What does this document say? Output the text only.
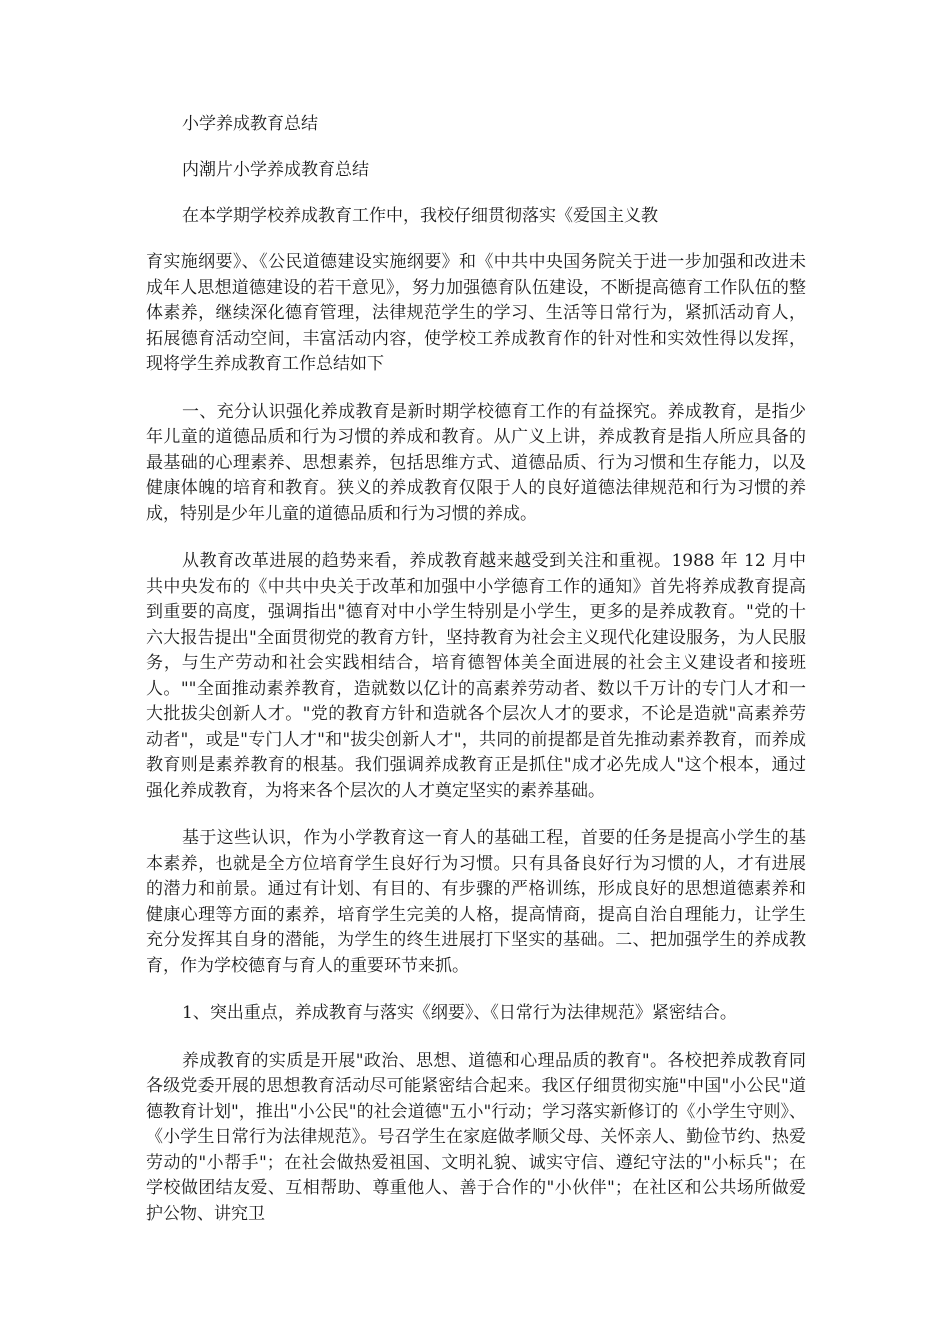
小学养成教育总结

内潮片小学养成教育总结

在本学期学校养成教育工作中，我校仔细贯彻落实《爱国主义教

育实施纲要》、《公民道德建设实施纲要》和《中共中央国务院关于进一步加强和改进未成年人思想道德建设的若干意见》，努力加强德育队伍建设，不断提高德育工作队伍的整体素养，继续深化德育管理，法律规范学生的学习、生活等日常行为，紧抓活动育人，拓展德育活动空间，丰富活动内容，使学校工养成教育作的针对性和实效性得以发挥，现将学生养成教育工作总结如下

一、充分认识强化养成教育是新时期学校德育工作的有益探究。养成教育，是指少年儿童的道德品质和行为习惯的养成和教育。从广义上讲，养成教育是指人所应具备的最基础的心理素养、思想素养，包括思维方式、道德品质、行为习惯和生存能力，以及健康体魄的培育和教育。狭义的养成教育仅限于人的良好道德法律规范和行为习惯的养成，特别是少年儿童的道德品质和行为习惯的养成。

从教育改革进展的趋势来看，养成教育越来越受到关注和重视。1988 年 12 月中共中央发布的《中共中央关于改革和加强中小学德育工作的通知》首先将养成教育提高到重要的高度，强调指出"德育对中小学生特别是小学生，更多的是养成教育。"党的十六大报告提出"全面贯彻党的教育方针，坚持教育为社会主义现代化建设服务，为人民服务，与生产劳动和社会实践相结合，培育德智体美全面进展的社会主义建设者和接班人。""全面推动素养教育，造就数以亿计的高素养劳动者、数以千万计的专门人才和一大批拔尖创新人才。"党的教育方针和造就各个层次人才的要求，不论是造就"高素养劳动者"，或是"专门人才"和"拔尖创新人才"，共同的前提都是首先推动素养教育，而养成教育则是素养教育的根基。我们强调养成教育正是抓住"成才必先成人"这个根本，通过强化养成教育，为将来各个层次的人才奠定坚实的素养基础。

基于这些认识，作为小学教育这一育人的基础工程，首要的任务是提高小学生的基本素养，也就是全方位培育学生良好行为习惯。只有具备良好行为习惯的人，才有进展的潜力和前景。通过有计划、有目的、有步骤的严格训练，形成良好的思想道德素养和健康心理等方面的素养，培育学生完美的人格，提高情商，提高自治自理能力，让学生充分发挥其自身的潜能，为学生的终生进展打下坚实的基础。二、把加强学生的养成教育，作为学校德育与育人的重要环节来抓。

1、突出重点，养成教育与落实《纲要》、《日常行为法律规范》紧密结合。

养成教育的实质是开展"政治、思想、道德和心理品质的教育"。各校把养成教育同各级党委开展的思想教育活动尽可能紧密结合起来。我区仔细贯彻实施"中国"小公民"道德教育计划"，推出"小公民"的社会道德"五小"行动；学习落实新修订的《小学生守则》、《小学生日常行为法律规范》。号召学生在家庭做孝顺父母、关怀亲人、勤俭节约、热爱劳动的"小帮手"；在社会做热爱祖国、文明礼貌、诚实守信、遵纪守法的"小标兵"；在学校做团结友爱、互相帮助、尊重他人、善于合作的"小伙伴"；在社区和公共场所做爱护公物、讲究卫
